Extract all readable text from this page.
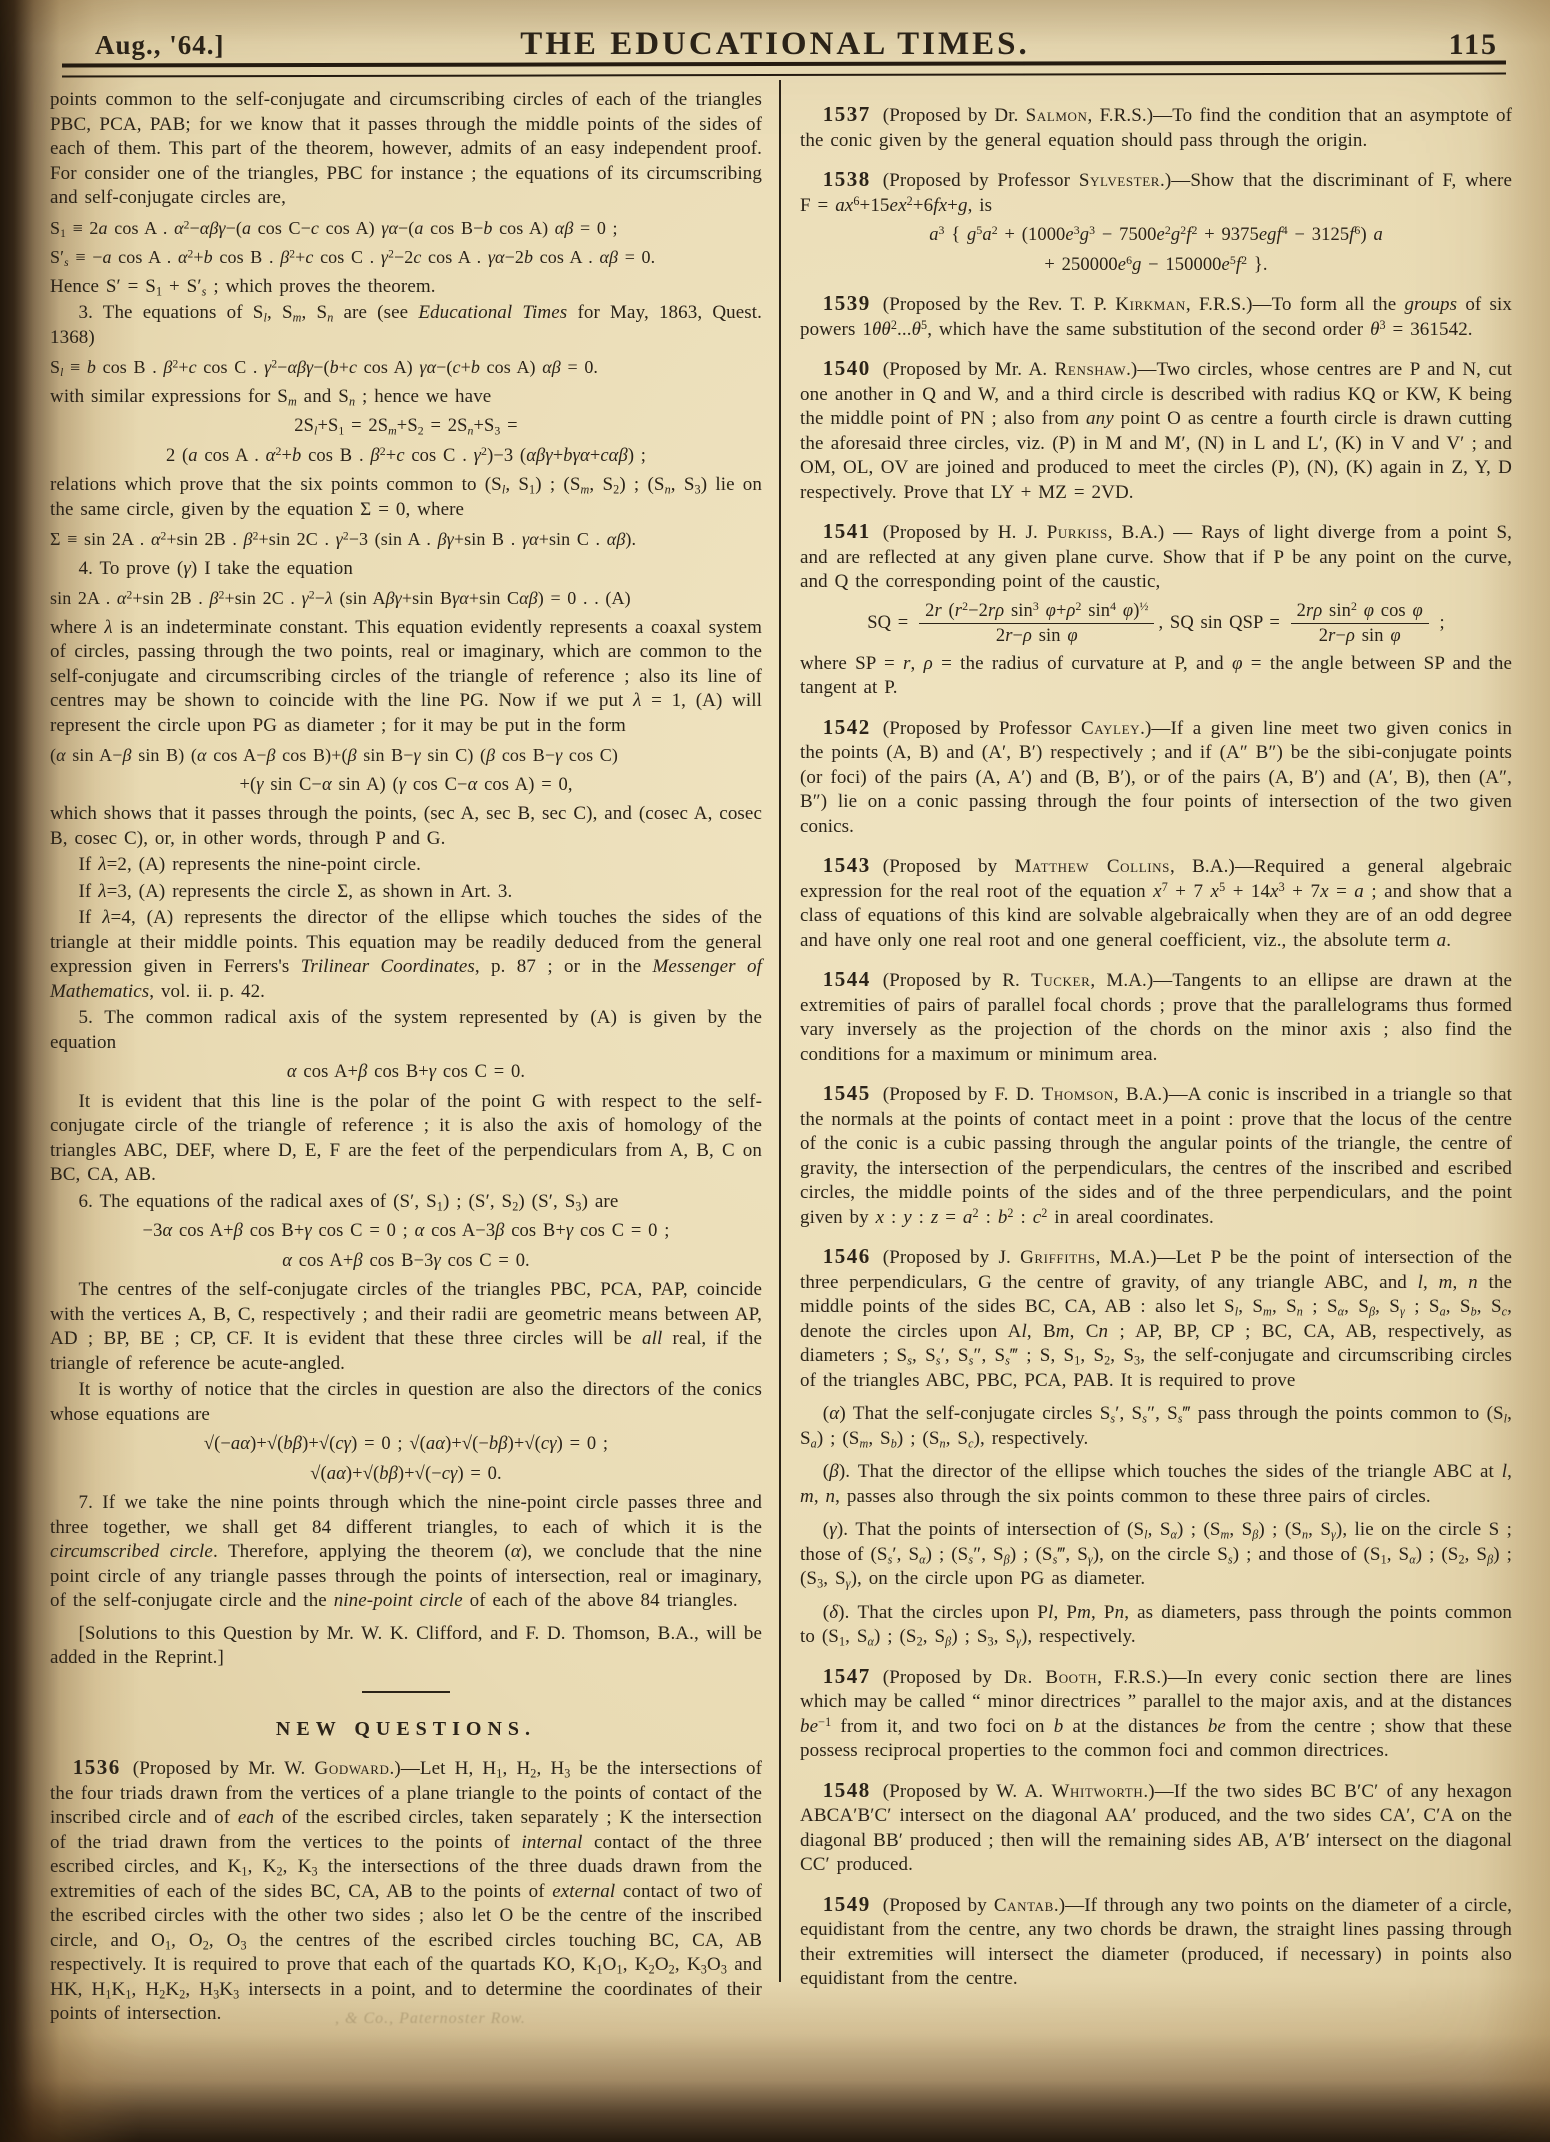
Aug., '64.]	THE EDUCATIONAL TIMES.	115
points common to the self-conjugate and circumscribing circles of each of the triangles PBC, PCA, PAB; for we know that it passes through the middle points of the sides of each of them. This part of the theorem, however, admits of an easy independent proof. For consider one of the triangles, PBC for instance ; the equations of its circumscribing and self-conjugate circles are,
$S_1 \equiv 2a$ cos A . $\alpha^2-\alpha\beta\gamma-(a$ cos C−c cos A) γα−(a cos B−b cos A) αβ = 0 ;
$S'_s \equiv -a$ cos A . $\alpha^2+b$ cos B . $\beta^2+c$ cos C . $\gamma^2-2c$ cos A . γα−2b cos A . αβ = 0.
Hence $S' = S_1 + S'_s$ ; which proves the theorem.
3. The equations of $S_l$, $S_m$, $S_n$ are (see Educational Times for May, 1863, Quest. 1368)
$S_l \equiv b$ cos B . $\beta^2+c$ cos C . $\gamma^2-\alpha\beta\gamma-(b+c$ cos A) γα−(c+b cos A) αβ = 0.
with similar expressions for $S_m$ and $S_n$ ; hence we have
$2S_l+S_1 = 2S_m+S_2 = 2S_n+S_3$ =
2 (a cos A . $\alpha^2+b$ cos B . $\beta^2+c$ cos C . $\gamma^2)-3$ (αβγ+bγα+cαβ) ;
relations which prove that the six points common to ($S_l$, $S_1$) ; ($S_m$, $S_2$) ; ($S_n$, $S_3$) lie on the same circle, given by the equation Σ = 0, where
Σ ≡ sin 2A . $\alpha^2+\sin$ 2B . $\beta^2+\sin$ 2C . $\gamma^2-3$ (sin A . βγ+sin B . γα+sin C . αβ).
4. To prove (γ) I take the equation
sin 2A . $\alpha^2+\sin$ 2B . $\beta^2+\sin$ 2C . $\gamma^2-\lambda$ (sin Aβγ+sin Bγα+sin Cαβ) = 0 . . (A)
where λ is an indeterminate constant. This equation evidently represents a coaxal system of circles, passing through the two points, real or imaginary, which are common to the self-conjugate and circumscribing circles of the triangle of reference ; also its line of centres may be shown to coincide with the line PG. Now if we put λ = 1, (A) will represent the circle upon PG as diameter ; for it may be put in the form
(α sin A−β sin B) (α cos A−β cos B)+(β sin B−γ sin C) (β cos B−γ cos C)
+(γ sin C−α sin A) (γ cos C−α cos A) = 0,
which shows that it passes through the points, (sec A, sec B, sec C), and (cosec A, cosec B, cosec C), or, in other words, through P and G.
If λ=2, (A) represents the nine-point circle.
If λ=3, (A) represents the circle Σ, as shown in Art. 3.
If λ=4, (A) represents the director of the ellipse which touches the sides of the triangle at their middle points. This equation may be readily deduced from the general expression given in Ferrers's Trilinear Coordinates, p. 87 ; or in the Messenger of Mathematics, vol. ii. p. 42.
5. The common radical axis of the system represented by (A) is given by the equation
α cos A+β cos B+γ cos C = 0.
It is evident that this line is the polar of the point G with respect to the self-conjugate circle of the triangle of reference ; it is also the axis of homology of the triangles ABC, DEF, where D, E, F are the feet of the perpendiculars from A, B, C on BC, CA, AB.
6. The equations of the radical axes of (S′, $S_1$) ; (S′, $S_2$) (S′, $S_3$) are
−3α cos A+β cos B+γ cos C = 0 ; α cos A−3β cos B+γ cos C = 0 ;
α cos A+β cos B−3γ cos C = 0.
The centres of the self-conjugate circles of the triangles PBC, PCA, PAP, coincide with the vertices A, B, C, respectively ; and their radii are geometric means between AP, AD ; BP, BE ; CP, CF. It is evident that these three circles will be all real, if the triangle of reference be acute-angled.
It is worthy of notice that the circles in question are also the directors of the conics whose equations are
√(−aα)+√(bβ)+√(cγ) = 0 ; √(aα)+√(−bβ)+√(cγ) = 0 ;
√(aα)+√(bβ)+√(−cγ) = 0.
7. If we take the nine points through which the nine-point circle passes three and three together, we shall get 84 different triangles, to each of which it is the circumscribed circle. Therefore, applying the theorem (α), we conclude that the nine point circle of any triangle passes through the points of intersection, real or imaginary, of the self-conjugate circle and the nine-point circle of each of the above 84 triangles.
[Solutions to this Question by Mr. W. K. Clifford, and F. D. Thomson, B.A., will be added in the Reprint.]
NEW QUESTIONS.
1536 (Proposed by Mr. W. Godward.)—Let H, $H_1$, $H_2$, $H_3$ be the intersections of the four triads drawn from the vertices of a plane triangle to the points of contact of the inscribed circle and of each of the escribed circles, taken separately ; K the intersection of the triad drawn from the vertices to the points of internal contact of the three escribed circles, and $K_1$, $K_2$, $K_3$ the intersections of the three duads drawn from the extremities of each of the sides BC, CA, AB to the points of external contact of two of the escribed circles with the other two sides ; also let O be the centre of the inscribed circle, and $O_1$, $O_2$, $O_3$ the centres of the escribed circles touching BC, CA, AB respectively. It is required to prove that each of the quartads KO, $K_1O_1$, $K_2O_2$, $K_3O_3$ and HK, $H_1K_1$, $H_2K_2$, $H_3K_3$ intersects in a point, and to determine the coordinates of their points of intersection.
1537 (Proposed by Dr. Salmon, F.R.S.)—To find the condition that an asymptote of the conic given by the general equation should pass through the origin.
1538 (Proposed by Professor Sylvester.)—Show that the discriminant of F, where $F = ax^6+15ex^2+6fx+g$, is
$a^3$ { $g^5a^2 + (1000e^3g^3 - 7500e^2g^2f^2 + 9375egf^4 - 3125f^6)$ a
+ $250000e^6g - 150000e^5f^2$ }.
1539 (Proposed by the Rev. T. P. Kirkman, F.R.S.)—To form all the groups of six powers $1\theta\theta^2...\theta^5$, which have the same substitution of the second order $\theta^3 = 361542$.
1540 (Proposed by Mr. A. Renshaw.)—Two circles, whose centres are P and N, cut one another in Q and W, and a third circle is described with radius KQ or KW, K being the middle point of PN ; also from any point O as centre a fourth circle is drawn cutting the aforesaid three circles, viz. (P) in M and M′, (N) in L and L′, (K) in V and V′ ; and OM, OL, OV are joined and produced to meet the circles (P), (N), (K) again in Z, Y, D respectively. Prove that LY + MZ = 2VD.
1541 (Proposed by H. J. Purkiss, B.A.) — Rays of light diverge from a point S, and are reflected at any given plane curve. Show that if P be any point on the curve, and Q the corresponding point of the caustic,
SQ = $\frac{2r (r^2-2r\rho \sin^3 \varphi+\rho^2 \sin^4 \varphi)^{\frac{1}{2}}}{\text{2r−ρ sin φ}}$ , SQ sin QSP = $\frac{2r\rho \sin^2 \varphi \cos \varphi}{\text{2r−ρ sin φ}}$ ;
where SP = r, ρ = the radius of curvature at P, and φ = the angle between SP and the tangent at P.
1542 (Proposed by Professor Cayley.)—If a given line meet two given conics in the points (A, B) and (A′, B′) respectively ; and if (A″ B″) be the sibi-conjugate points (or foci) of the pairs (A, A′) and (B, B′), or of the pairs (A, B′) and (A′, B), then (A″, B″) lie on a conic passing through the four points of intersection of the two given conics.
1543 (Proposed by Matthew Collins, B.A.)—Required a general algebraic expression for the real root of the equation $x^7 + 7$ $x^5 + 14x^3 + 7x = a$ ; and show that a class of equations of this kind are solvable algebraically when they are of an odd degree and have only one real root and one general coefficient, viz., the absolute term a.
1544 (Proposed by R. Tucker, M.A.)—Tangents to an ellipse are drawn at the extremities of pairs of parallel focal chords ; prove that the parallelograms thus formed vary inversely as the projection of the chords on the minor axis ; also find the conditions for a maximum or minimum area.
1545 (Proposed by F. D. Thomson, B.A.)—A conic is inscribed in a triangle so that the normals at the points of contact meet in a point : prove that the locus of the centre of the conic is a cubic passing through the angular points of the triangle, the centre of gravity, the intersection of the perpendiculars, the centres of the inscribed and escribed circles, the middle points of the sides and of the three perpendiculars, and the point given by x : y : $z = a^2$ : $b^2$ : $c^2$ in areal coordinates.
1546 (Proposed by J. Griffiths, M.A.)—Let P be the point of intersection of the three perpendiculars, G the centre of gravity, of any triangle ABC, and l, m, n the middle points of the sides BC, CA, AB : also let $S_l$, $S_m$, $S_n$ ; $S_\alpha$, $S_\beta$, $S_\gamma$ ; $S_a$, $S_b$, $S_c$, denote the circles upon Al, Bm, Cn ; AP, BP, CP ; BC, CA, AB, respectively, as diameters ; $S_s$, $S_s'$, $S_s''$, $S_s‴$ ; S, $S_1$, $S_2$, $S_3$, the self-conjugate and circumscribing circles of the triangles ABC, PBC, PCA, PAB. It is required to prove
(α) That the self-conjugate circles $S_s'$, $S_s''$, $S_s‴$ pass through the points common to ($S_l$, $S_a$) ; ($S_m$, $S_b$) ; ($S_n$, $S_c$), respectively.
(β). That the director of the ellipse which touches the sides of the triangle ABC at l, m, n, passes also through the six points common to these three pairs of circles.
(γ). That the points of intersection of ($S_l$, $S_\alpha$) ; ($S_m$, $S_\beta$) ; ($S_n$, $S_\gamma$), lie on the circle S ; those of ($S_s'$, $S_\alpha$) ; ($S_s''$, $S_\beta$) ; ($S_s‴$, $S_\gamma$), on the circle $S_s$) ; and those of ($S_1$, $S_\alpha$) ; ($S_2$, $S_\beta$) ; ($S_3$, $S_\gamma$), on the circle upon PG as diameter.
(δ). That the circles upon Pl, Pm, Pn, as diameters, pass through the points common to ($S_1$, $S_\alpha$) ; ($S_2$, $S_\beta$) ; $S_3$, $S_\gamma$), respectively.
1547 (Proposed by Dr. Booth, F.R.S.)—In every conic section there are lines which may be called “ minor directrices ” parallel to the major axis, and at the distances $be^{-1}$ from it, and two foci on b at the distances be from the centre ; show that these possess reciprocal properties to the common foci and common directrices.
1548 (Proposed by W. A. Whitworth.)—If the two sides BC B′C′ of any hexagon ABCA′B′C′ intersect on the diagonal AA′ produced, and the two sides CA′, C′A on the diagonal BB′ produced ; then will the remaining sides AB, A′B′ intersect on the diagonal CC′ produced.
1549 (Proposed by Cantab.)—If through any two points on the diameter of a circle, equidistant from the centre, any two chords be drawn, the straight lines passing through their extremities will intersect the diameter (produced, if necessary) in points also equidistant from the centre.
, & Co., Paternoster Row.
